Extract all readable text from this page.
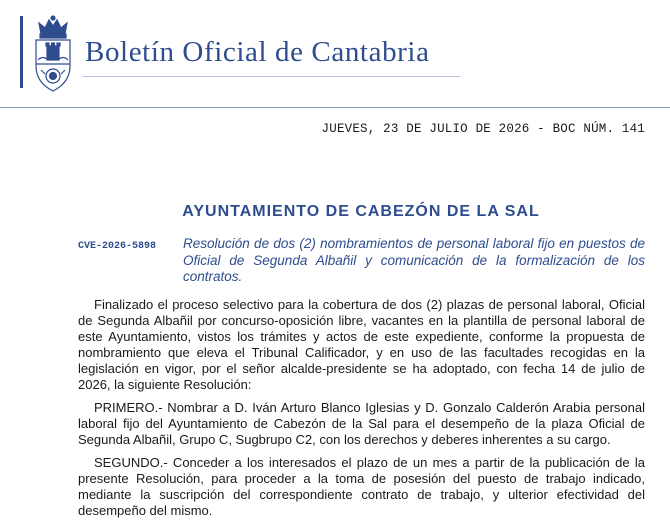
Boletín Oficial de Cantabria
JUEVES, 23 DE JULIO DE 2026 - BOC NÚM. 141
AYUNTAMIENTO DE CABEZÓN DE LA SAL
CVE-2026-5898 Resolución de dos (2) nombramientos de personal laboral fijo en puestos de Oficial de Segunda Albañil y comunicación de la formalización de los contratos.

Finalizado el proceso selectivo para la cobertura de dos (2) plazas de personal laboral, Oficial de Segunda Albañil por concurso-oposición libre, vacantes en la plantilla de personal laboral de este Ayuntamiento, vistos los trámites y actos de este expediente, conforme la propuesta de nombramiento que eleva el Tribunal Calificador, y en uso de las facultades recogidas en la legislación en vigor, por el señor alcalde-presidente se ha adoptado, con fecha 14 de julio de 2026, la siguiente Resolución:

PRIMERO.- Nombrar a D. Iván Arturo Blanco Iglesias y D. Gonzalo Calderón Arabia personal laboral fijo del Ayuntamiento de Cabezón de la Sal para el desempeño de la plaza Oficial de Segunda Albañil, Grupo C, Sugbrupo C2, con los derechos y deberes inherentes a su cargo.

SEGUNDO.- Conceder a los interesados el plazo de un mes a partir de la publicación de la presente Resolución, para proceder a la toma de posesión del puesto de trabajo indicado, mediante la suscripción del correspondiente contrato de trabajo, y ulterior efectividad del desempeño del mismo.
